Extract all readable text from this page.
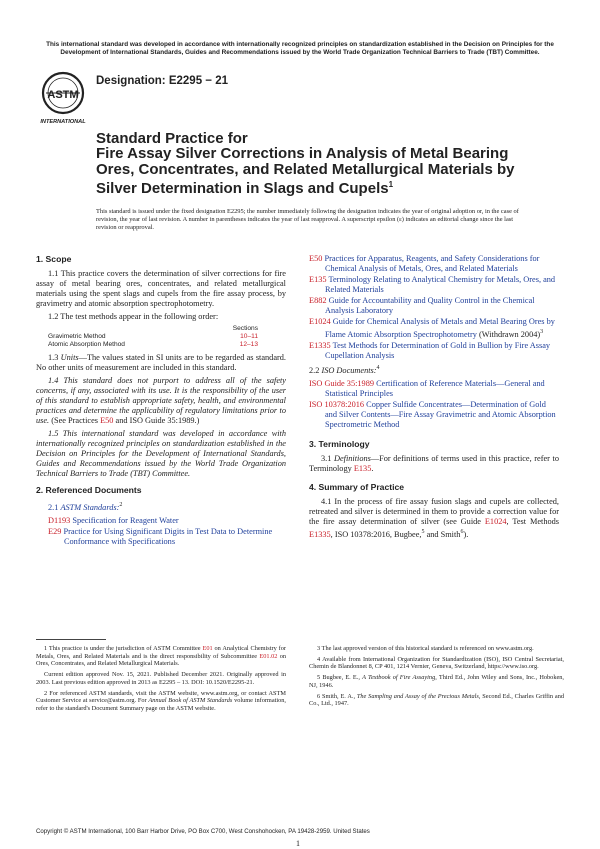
This international standard was developed in accordance with internationally recognized principles on standardization established in the Decision on Principles for the Development of International Standards, Guides and Recommendations issued by the World Trade Organization Technical Barriers to Trade (TBT) Committee.
ASTM
INTERNATIONAL
Designation: E2295 − 21
Standard Practice for
Fire Assay Silver Corrections in Analysis of Metal Bearing
Ores, Concentrates, and Related Metallurgical Materials by
Silver Determination in Slags and Cupels$^1$
This standard is issued under the fixed designation E2295; the number immediately following the designation indicates the year of original adoption or, in the case of revision, the year of last revision. A number in parentheses indicates the year of last reapproval. A superscript epsilon (ε) indicates an editorial change since the last revision or reapproval.
1. Scope

1.1 This practice covers the determination of silver corrections for fire assay of metal bearing ores, concentrates, and related metallurgical materials using the spent slags and cupels from the fire assay process, by gravimetry and atomic absorption spectrophotometry.

1.2 The test methods appear in the following order:

Sections
Gravimetric Method	10–11
Atomic Absorption Method	12–13

1.3 Units—The values stated in SI units are to be regarded as standard. No other units of measurement are included in this standard.

1.4 This standard does not purport to address all of the safety concerns, if any, associated with its use. It is the responsibility of the user of this standard to establish appropriate safety, health, and environmental practices and determine the applicability of regulatory limitations prior to use. (See Practices E50 and ISO Guide 35:1989.)

1.5 This international standard was developed in accordance with internationally recognized principles on standardization established in the Decision on Principles for the Development of International Standards, Guides and Recommendations issued by the World Trade Organization Technical Barriers to Trade (TBT) Committee.

2. Referenced Documents

2.1 ASTM Standards:$^2$

D1193 Specification for Reagent Water
E29 Practice for Using Significant Digits in Test Data to Determine Conformance with Specifications
E50 Practices for Apparatus, Reagents, and Safety Considerations for Chemical Analysis of Metals, Ores, and Related Materials
E135 Terminology Relating to Analytical Chemistry for Metals, Ores, and Related Materials
E882 Guide for Accountability and Quality Control in the Chemical Analysis Laboratory
E1024 Guide for Chemical Analysis of Metals and Metal Bearing Ores by Flame Atomic Absorption Spectrophotometry (Withdrawn 2004)$^3$
E1335 Test Methods for Determination of Gold in Bullion by Fire Assay Cupellation Analysis

2.2 ISO Documents:$^4$

ISO Guide 35:1989 Certification of Reference Materials—General and Statistical Principles
ISO 10378:2016 Copper Sulfide Concentrates—Determination of Gold and Silver Contents—Fire Assay Gravimetric and Atomic Absorption Spectrometric Method
3. Terminology

3.1 Definitions—For definitions of terms used in this practice, refer to Terminology E135.

4. Summary of Practice

4.1 In the process of fire assay fusion slags and cupels are collected, retreated and silver is determined in them to provide a correction value for the fire assay determination of silver (see Guide E1024, Test Methods E1335, ISO 10378:2016, Bugbee,$^5$ and Smith$^6$).

1 This practice is under the jurisdiction of ASTM Committee E01 on Analytical Chemistry for Metals, Ores, and Related Materials and is the direct responsibility of Subcommittee E01.02 on Ores, Concentrates, and Related Metallurgical Materials.

Current edition approved Nov. 15, 2021. Published December 2021. Originally approved in 2003. Last previous edition approved in 2013 as E2295 – 13. DOI: 10.1520/E2295-21.

2 For referenced ASTM standards, visit the ASTM website, www.astm.org, or contact ASTM Customer Service at service@astm.org. For Annual Book of ASTM Standards volume information, refer to the standard's Document Summary page on the ASTM website.

3 The last approved version of this historical standard is referenced on www.astm.org.

4 Available from International Organization for Standardization (ISO), ISO Central Secretariat, Chemin de Blandonnet 8, CP 401, 1214 Vernier, Geneva, Switzerland, https://www.iso.org.

5 Bugbee, E. E., A Textbook of Fire Assaying, Third Ed., John Wiley and Sons, Inc., Hoboken, NJ, 1946.

6 Smith, E. A., The Sampling and Assay of the Precious Metals, Second Ed., Charles Griffin and Co., Ltd., 1947.

Copyright © ASTM International, 100 Barr Harbor Drive, PO Box C700, West Conshohocken, PA 19428-2959. United States
1
